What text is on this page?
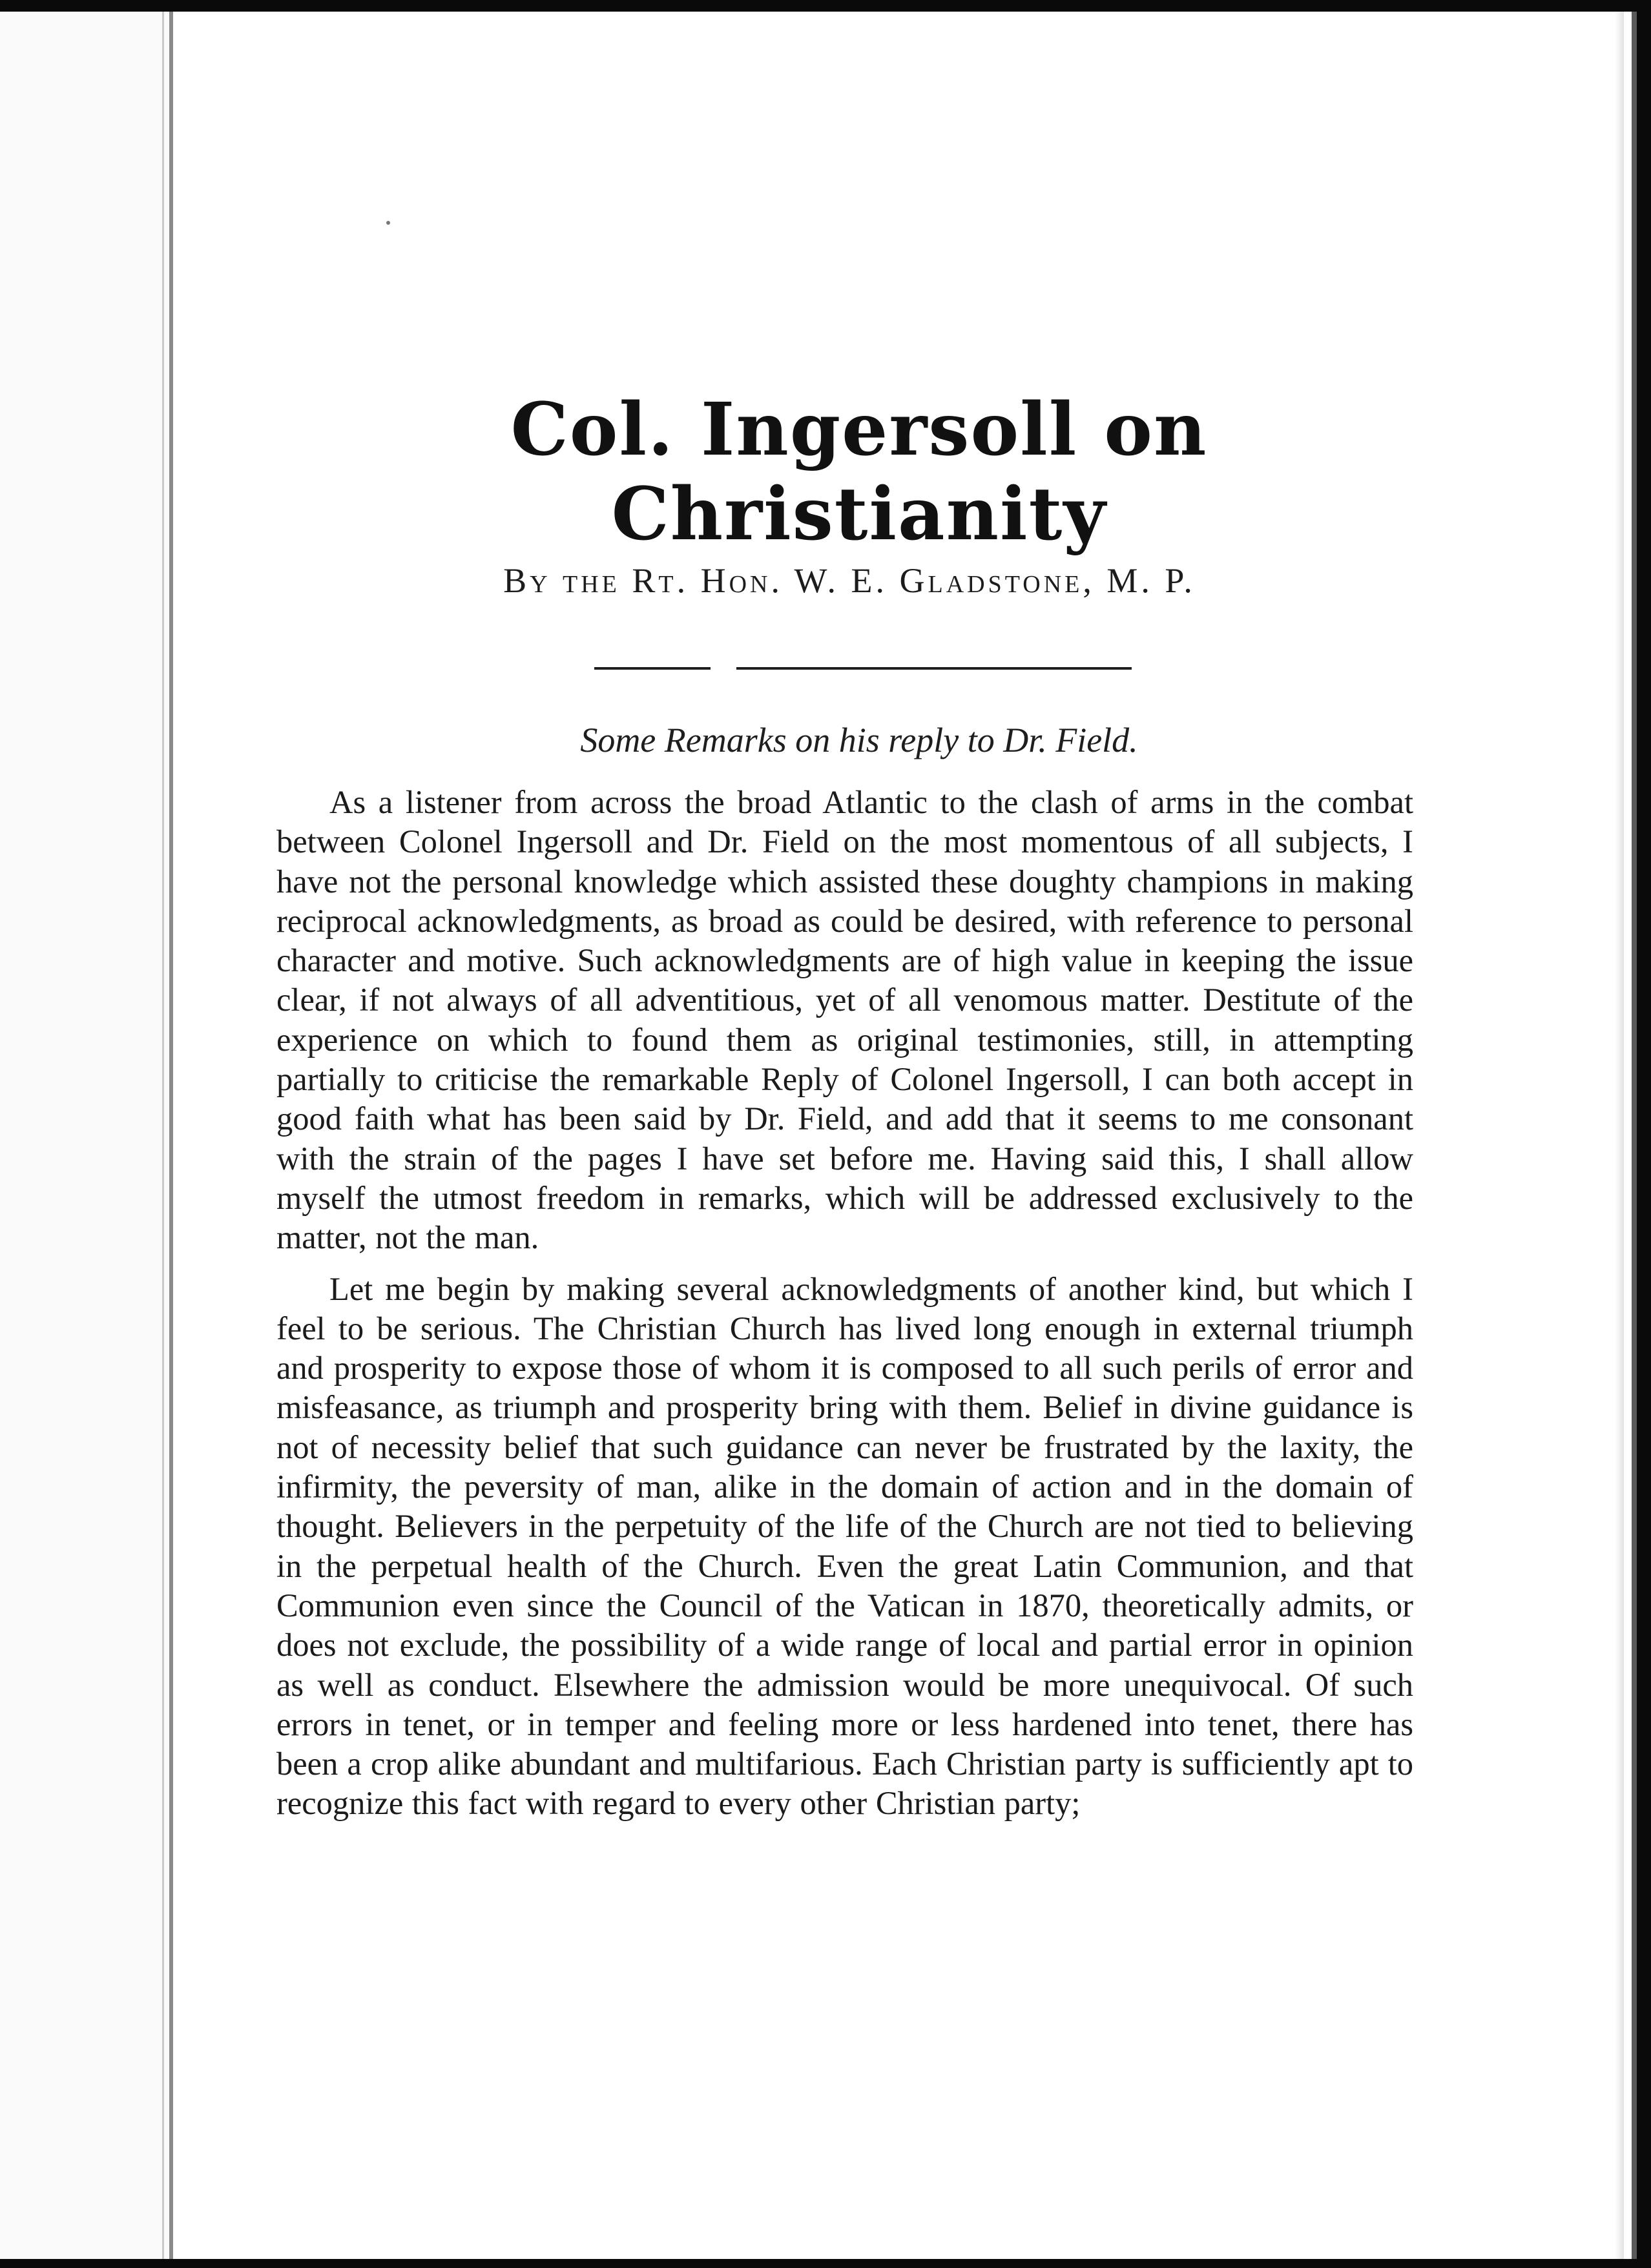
Col. Ingersoll on Christianity

By the Rt. Hon. W. E. Gladstone, M. P.

Some Remarks on his reply to Dr. Field.

As a listener from across the broad Atlantic to the clash of arms in the combat between Colonel Ingersoll and Dr. Field on the most momentous of all subjects, I have not the personal knowledge which assisted these doughty champions in making reciprocal acknowledgments, as broad as could be desired, with reference to personal character and motive. Such acknowledgments are of high value in keeping the issue clear, if not always of all adventitious, yet of all venomous matter. Destitute of the experience on which to found them as original testimonies, still, in attempting partially to criticise the remarkable Reply of Colonel Ingersoll, I can both accept in good faith what has been said by Dr. Field, and add that it seems to me consonant with the strain of the pages I have set before me. Having said this, I shall allow myself the utmost freedom in remarks, which will be addressed exclusively to the matter, not the man.

Let me begin by making several acknowledgments of another kind, but which I feel to be serious. The Christian Church has lived long enough in external triumph and prosperity to expose those of whom it is composed to all such perils of error and misfeasance, as triumph and prosperity bring with them. Belief in divine guidance is not of necessity belief that such guidance can never be frustrated by the laxity, the infirmity, the peversity of man, alike in the domain of action and in the domain of thought. Believers in the perpetuity of the life of the Church are not tied to believing in the perpetual health of the Church. Even the great Latin Communion, and that Communion even since the Council of the Vatican in 1870, theoretically admits, or does not exclude, the possibility of a wide range of local and partial error in opinion as well as conduct. Elsewhere the admission would be more unequivocal. Of such errors in tenet, or in temper and feeling more or less hardened into tenet, there has been a crop alike abundant and multifarious. Each Christian party is sufficiently apt to recognize this fact with regard to every other Christian party;
